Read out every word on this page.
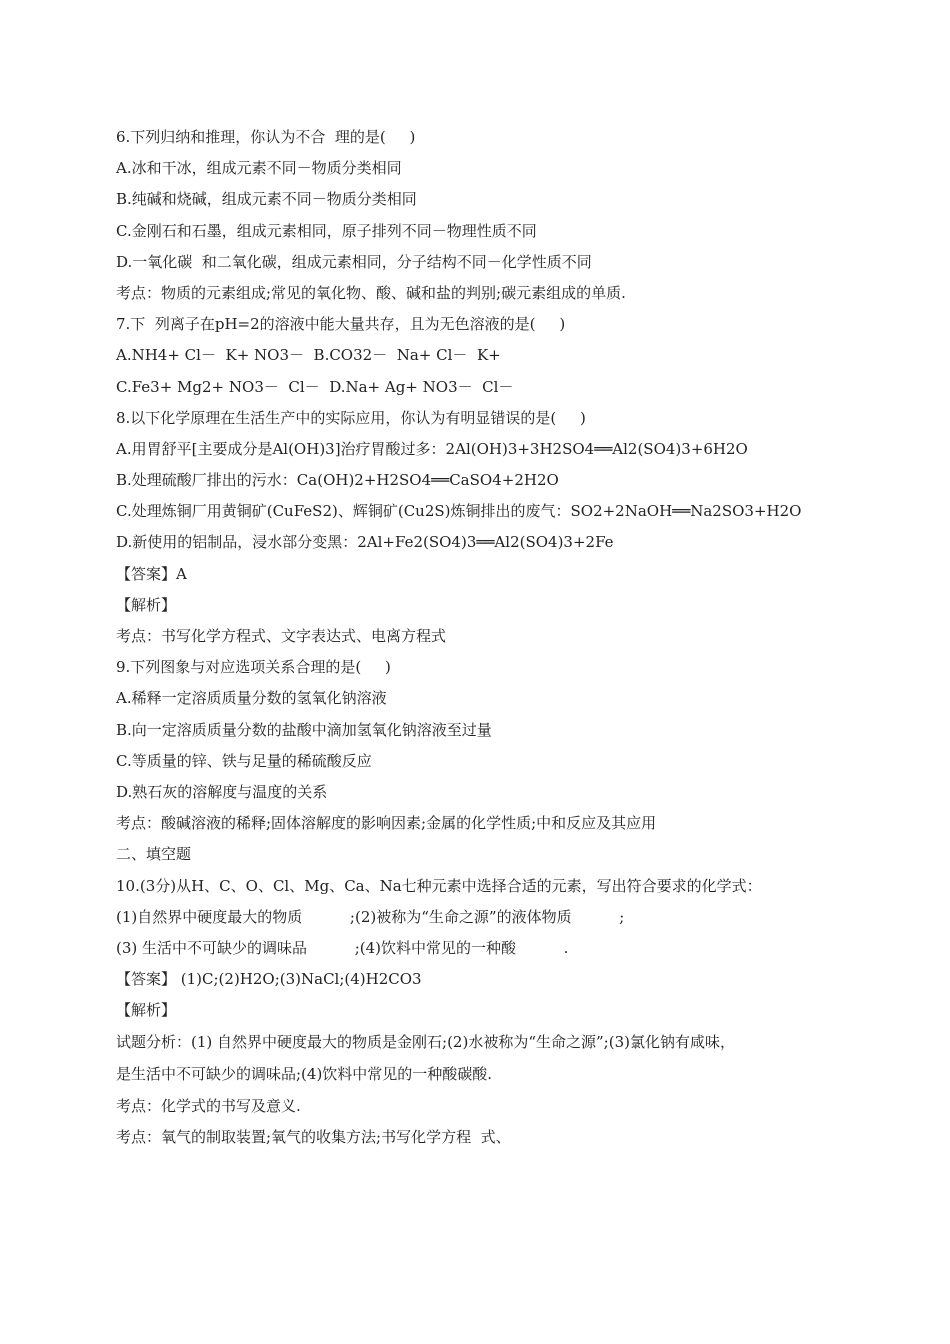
6.下列归纳和推理，你认为不合  理的是(     )
A.冰和干冰，组成元素不同－物质分类相同
B.纯碱和烧碱，组成元素不同－物质分类相同
C.金刚石和石墨，组成元素相同，原子排列不同－物理性质不同
D.一氧化碳  和二氧化碳，组成元素相同，分子结构不同－化学性质不同
考点：物质的元素组成;常见的氧化物、酸、碱和盐的判别;碳元素组成的单质.
7.下  列离子在pH=2的溶液中能大量共存，且为无色溶液的是(     )
A.NH4+ Cl－  K+ NO3－  B.CO32－  Na+ Cl－  K+
C.Fe3+ Mg2+ NO3－  Cl－  D.Na+ Ag+ NO3－  Cl－
8.以下化学原理在生活生产中的实际应用，你认为有明显错误的是(     )
A.用胃舒平[主要成分是Al(OH)3]治疗胃酸过多：2Al(OH)3+3H2SO4══Al2(SO4)3+6H2O
B.处理硫酸厂排出的污水：Ca(OH)2+H2SO4══CaSO4+2H2O
C.处理炼铜厂用黄铜矿(CuFeS2)、辉铜矿(Cu2S)炼铜排出的废气：SO2+2NaOH══Na2SO3+H2O
D.新使用的铝制品，浸水部分变黑：2Al+Fe2(SO4)3══Al2(SO4)3+2Fe
【答案】A
【解析】
考点：书写化学方程式、文字表达式、电离方程式
9.下列图象与对应选项关系合理的是(     )
A.稀释一定溶质质量分数的氢氧化钠溶液
B.向一定溶质质量分数的盐酸中滴加氢氧化钠溶液至过量
C.等质量的锌、铁与足量的稀硫酸反应
D.熟石灰的溶解度与温度的关系
考点：酸碱溶液的稀释;固体溶解度的影响因素;金属的化学性质;中和反应及其应用
二、填空题
10.(3分)从H、C、O、Cl、Mg、Ca、Na七种元素中选择合适的元素，写出符合要求的化学式：
(1)自然界中硬度最大的物质          ;(2)被称为“生命之源”的液体物质          ;
(3) 生活中不可缺少的调味品          ;(4)饮料中常见的一种酸          .
【答案】 (1)C;(2)H2O;(3)NaCl;(4)H2CO3
【解析】
试题分析：(1) 自然界中硬度最大的物质是金刚石;(2)水被称为“生命之源”;(3)氯化钠有咸味，
是生活中不可缺少的调味品;(4)饮料中常见的一种酸碳酸.
考点：化学式的书写及意义.
考点：氧气的制取装置;氧气的收集方法;书写化学方程  式、
